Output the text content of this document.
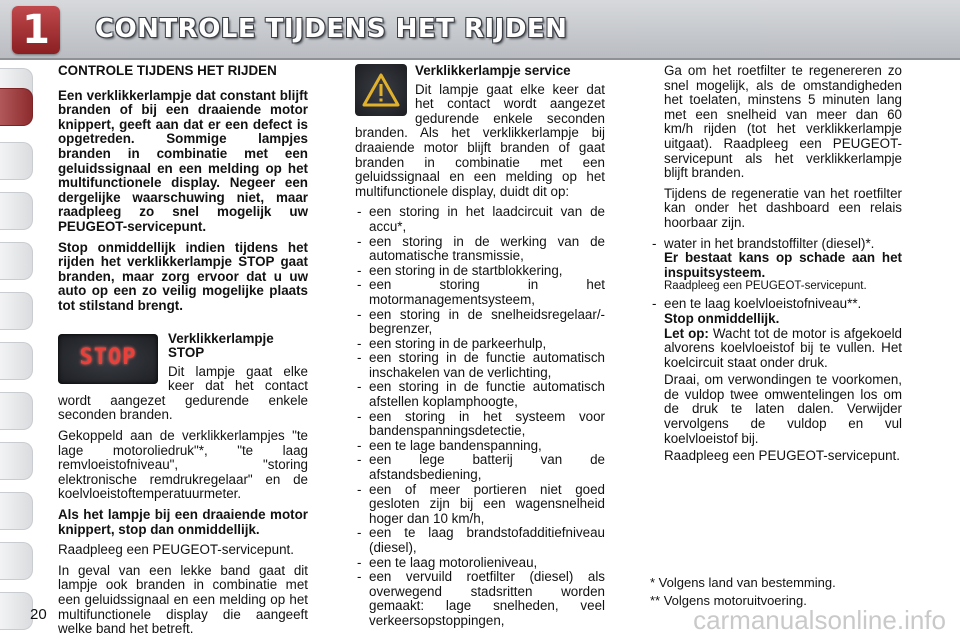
1	CONTROLE TIJDENS HET RIJDEN
CONTROLE TIJDENS HET RIJDEN

Een verklikkerlampje dat constant blijft branden of bij een draaiende motor knippert, geeft aan dat er een defect is opgetreden. Sommige lampjes branden in combinatie met een geluidssignaal en een melding op het multifunctionele display. Negeer een dergelijke waarschuwing niet, maar raadpleeg zo snel mogelijk uw PEUGEOT-servicepunt.

Stop onmiddellijk indien tijdens het rijden het verklikkerlampje STOP gaat branden, maar zorg ervoor dat u uw auto op een zo veilig mogelijke plaats tot stilstand brengt.

STOP
Verklikkerlampje STOP

Dit lampje gaat elke keer dat het contact wordt aangezet gedurende enkele seconden branden.

Gekoppeld aan de verklikkerlampjes "te lage motoroliedruk"*, "te laag remvloeistofniveau", "storing elektronische remdrukregelaar" en de koelvloeistoftemperatuurmeter.

Als het lampje bij een draaiende motor knippert, stop dan onmiddellijk.

Raadpleeg een PEUGEOT-servicepunt.

In geval van een lekke band gaat dit lampje ook branden in combinatie met een geluidssignaal en een melding op het multifunctionele display die aangeeft welke band het betreft.

Verklikkerlampje service

Dit lampje gaat elke keer dat het contact wordt aangezet gedurende enkele seconden branden. Als het verklikkerlampje bij draaiende motor blijft branden of gaat branden in combinatie met een geluidssignaal en een melding op het multifunctionele display, duidt dit op:

- een storing in het laadcircuit van de accu*,
- een storing in de werking van de automatische transmissie,
- een storing in de startblokkering,
- een storing in het motormanagementsysteem,
- een storing in de snelheidsregelaar/-begrenzer,
- een storing in de parkeerhulp,
- een storing in de functie automatisch inschakelen van de verlichting,
- een storing in de functie automatisch afstellen koplamphoogte,
- een storing in het systeem voor bandenspanningsdetectie,
- een te lage bandenspanning,
- een lege batterij van de afstandsbediening,
- een of meer portieren niet goed gesloten zijn bij een wagensnelheid hoger dan 10 km/h,
- een te laag brandstofadditiefniveau (diesel),
- een te laag motorolieniveau,
- een vervuild roetfilter (diesel) als overwegend stadsritten worden gemaakt: lage snelheden, veel verkeersopstoppingen,

Ga om het roetfilter te regenereren zo snel mogelijk, als de omstandigheden het toelaten, minstens 5 minuten lang met een snelheid van meer dan 60 km/h rijden (tot het verklikkerlampje uitgaat). Raadpleeg een PEUGEOT-servicepunt als het verklikkerlampje blijft branden.

Tijdens de regeneratie van het roetfilter kan onder het dashboard een relais hoorbaar zijn.

- water in het brandstoffilter (diesel)*.
Er bestaat kans op schade aan het inspuitsysteem.
Raadpleeg een PEUGEOT-servicepunt.
- een te laag koelvloeistofniveau**.
Stop onmiddellijk.
Let op: Wacht tot de motor is afgekoeld alvorens koelvloeistof bij te vullen. Het koelcircuit staat onder druk.
Draai, om verwondingen te voorkomen, de vuldop twee omwentelingen los om de druk te laten dalen. Verwijder vervolgens de vuldop en vul koelvloeistof bij.
Raadpleeg een PEUGEOT-servicepunt.
* Volgens land van bestemming.
** Volgens motoruitvoering.
20	carmanualsonline.info
